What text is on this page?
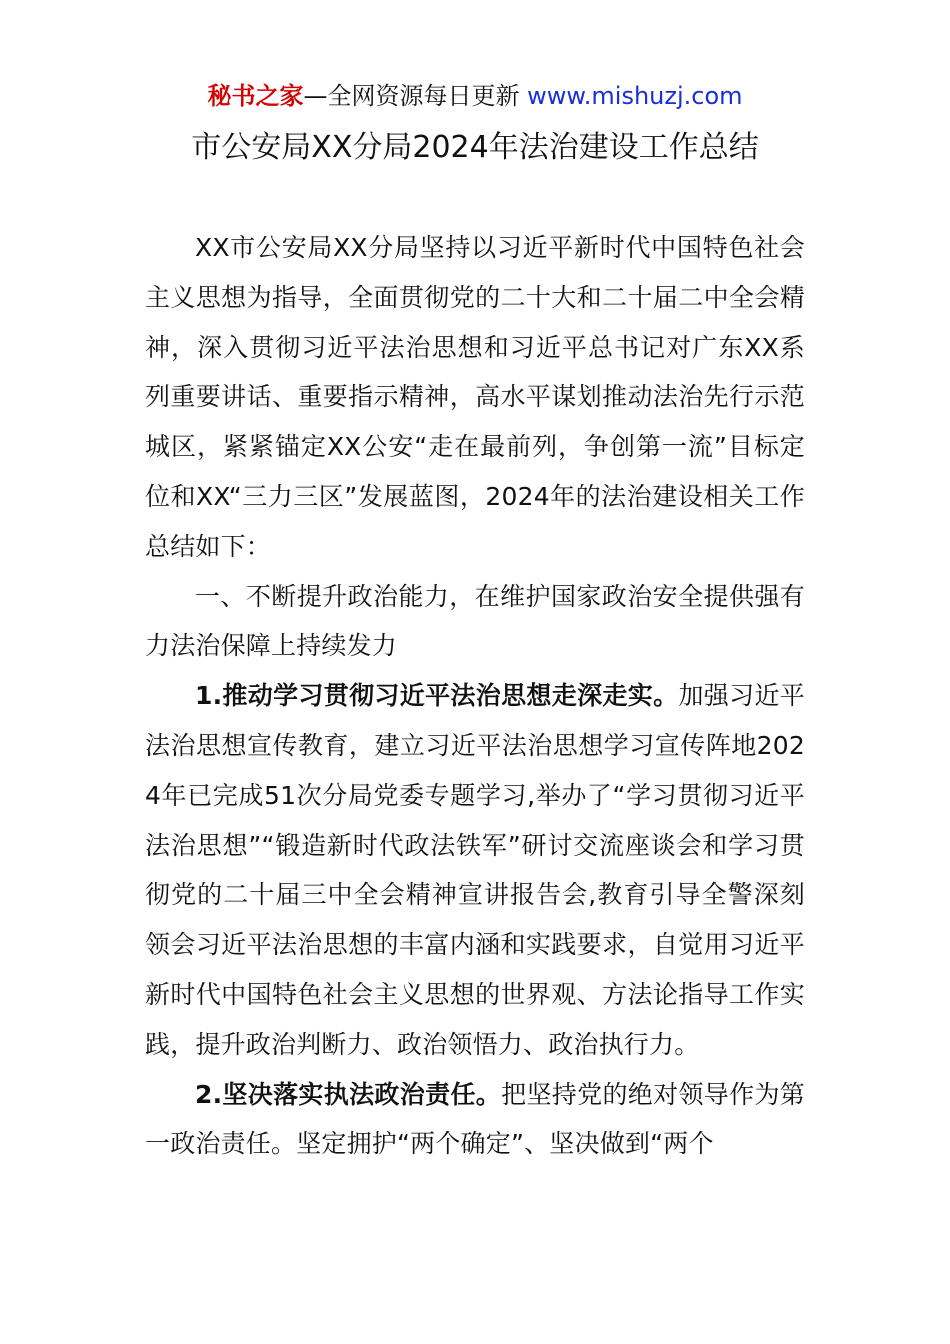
秘书之家—全网资源每日更新 www.mishuzj.com
市公安局XX分局2024年法治建设工作总结

XX市公安局XX分局坚持以习近平新时代中国特色社会主义思想为指导，全面贯彻党的二十大和二十届二中全会精神，深入贯彻习近平法治思想和习近平总书记对广东XX系列重要讲话、重要指示精神，高水平谋划推动法治先行示范城区，紧紧锚定XX公安“走在最前列，争创第一流”目标定位和XX“三力三区”发展蓝图，2024年的法治建设相关工作总结如下：

一、不断提升政治能力，在维护国家政治安全提供强有力法治保障上持续发力

1.推动学习贯彻习近平法治思想走深走实。加强习近平法治思想宣传教育，建立习近平法治思想学习宣传阵地2024年已完成51次分局党委专题学习,举办了“学习贯彻习近平法治思想”“锻造新时代政法铁军”研讨交流座谈会和学习贯彻党的二十届三中全会精神宣讲报告会,教育引导全警深刻领会习近平法治思想的丰富内涵和实践要求，自觉用习近平新时代中国特色社会主义思想的世界观、方法论指导工作实践，提升政治判断力、政治领悟力、政治执行力。

2.坚决落实执法政治责任。把坚持党的绝对领导作为第一政治责任。坚定拥护“两个确定”、坚决做到“两个
